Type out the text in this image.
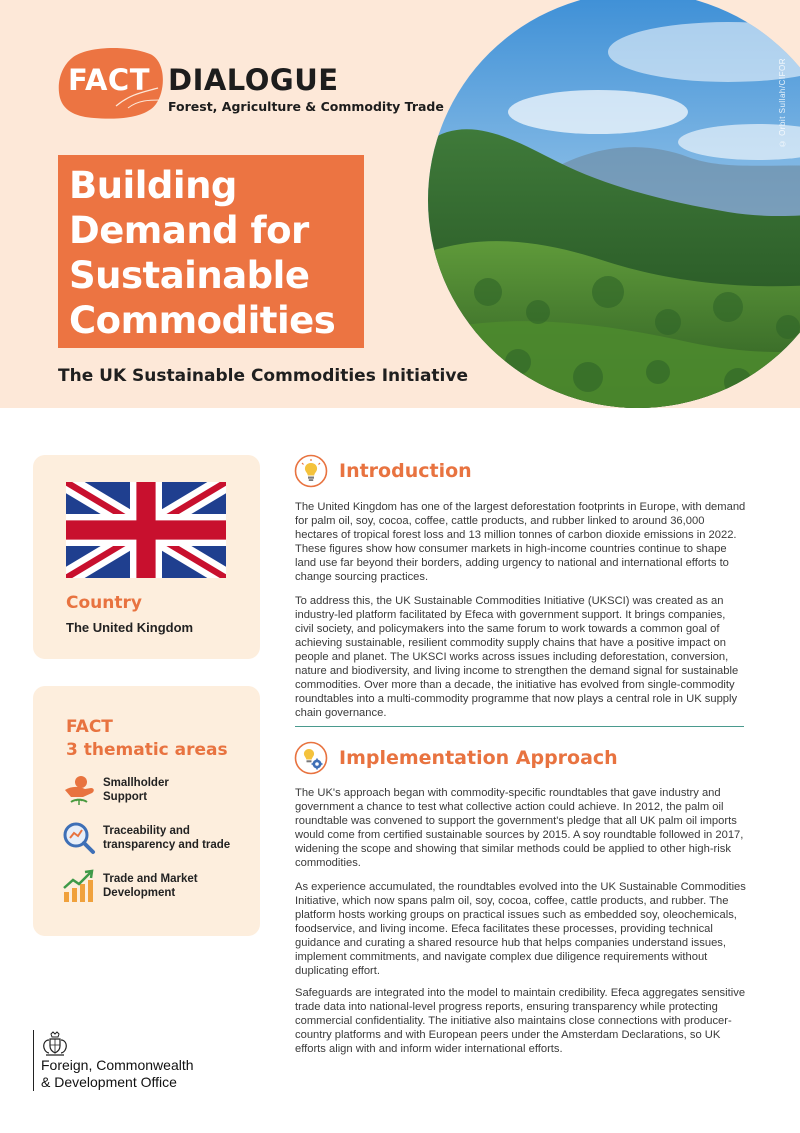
FACT DIALOGUE
Forest, Agriculture & Commodity Trade
Building
Demand for
Sustainable
Commodities
The UK Sustainable Commodities Initiative
© Orbit Sullah/CIFOR
Country
The United Kingdom
FACT
3 thematic areas
Smallholder
Support
Traceability and
transparency and trade
Trade and Market
Development
Introduction

The United Kingdom has one of the largest deforestation footprints in Europe, with demand for palm oil, soy, cocoa, coffee, cattle products, and rubber linked to around 36,000 hectares of tropical forest loss and 13 million tonnes of carbon dioxide emissions in 2022. These figures show how consumer markets in high-income countries continue to shape land use far beyond their borders, adding urgency to national and international efforts to change sourcing practices.

To address this, the UK Sustainable Commodities Initiative (UKSCI) was created as an industry-led platform facilitated by Efeca with government support. It brings companies, civil society, and policymakers into the same forum to work towards a common goal of achieving sustainable, resilient commodity supply chains that have a positive impact on people and planet. The UKSCI works across issues including deforestation, conversion, nature and biodiversity, and living income to strengthen the demand signal for sustainable commodities. Over more than a decade, the initiative has evolved from single-commodity roundtables into a multi-commodity programme that now plays a central role in UK supply chain governance.

Implementation Approach

The UK's approach began with commodity-specific roundtables that gave industry and government a chance to test what collective action could achieve. In 2012, the palm oil roundtable was convened to support the government's pledge that all UK palm oil imports would come from certified sustainable sources by 2015. A soy roundtable followed in 2017, widening the scope and showing that similar methods could be applied to other high-risk commodities.

As experience accumulated, the roundtables evolved into the UK Sustainable Commodities Initiative, which now spans palm oil, soy, cocoa, coffee, cattle products, and rubber. The platform hosts working groups on practical issues such as embedded soy, oleochemicals, foodservice, and living income. Efeca facilitates these processes, providing technical guidance and curating a shared resource hub that helps companies understand issues, implement commitments, and navigate complex due diligence requirements without duplicating effort.

Safeguards are integrated into the model to maintain credibility. Efeca aggregates sensitive trade data into national-level progress reports, ensuring transparency while protecting commercial confidentiality. The initiative also maintains close connections with producer-country platforms and with European peers under the Amsterdam Declarations, so UK efforts align with and inform wider international efforts.

Foreign, Commonwealth
& Development Office
